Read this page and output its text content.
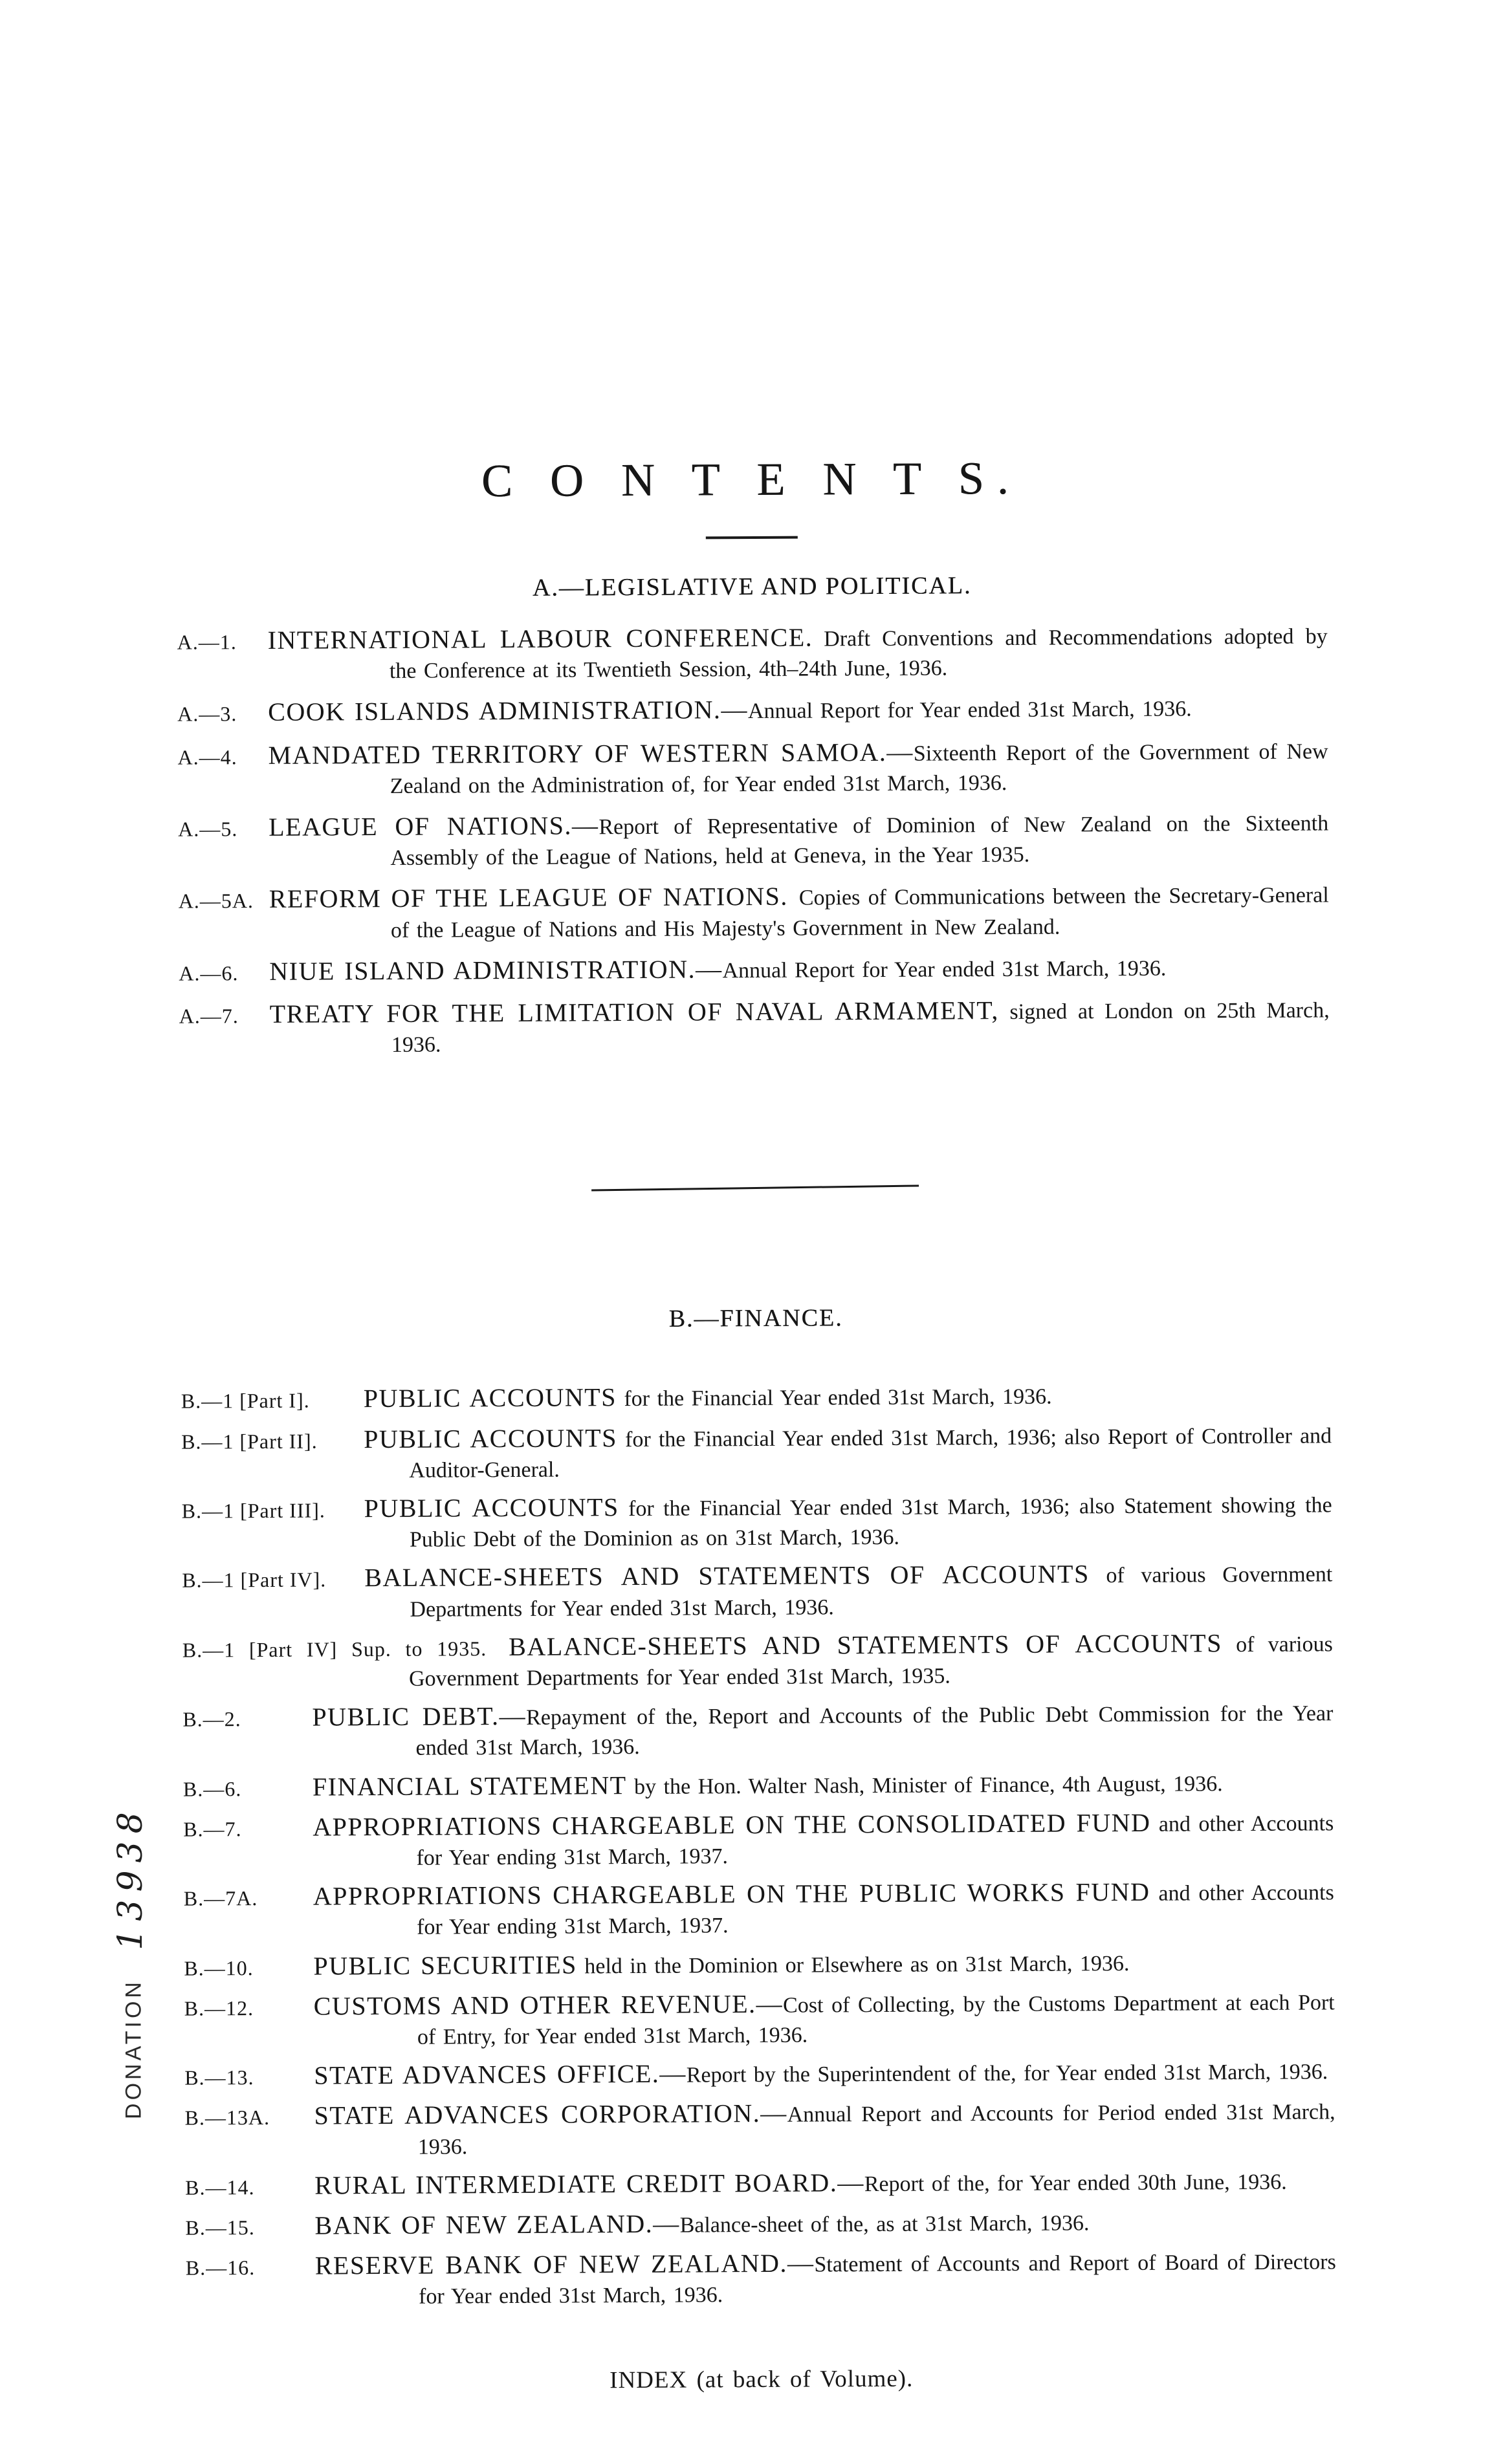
C O N T E N T S.
A.—LEGISLATIVE AND POLITICAL.
A.—1.	INTERNATIONAL LABOUR CONFERENCE. Draft Conventions and Recommendations adopted by the Conference at its Twentieth Session, 4th–24th June, 1936.
A.—3.	COOK ISLANDS ADMINISTRATION.—Annual Report for Year ended 31st March, 1936.
A.—4.	MANDATED TERRITORY OF WESTERN SAMOA.—Sixteenth Report of the Government of New Zealand on the Administration of, for Year ended 31st March, 1936.
A.—5.	LEAGUE OF NATIONS.—Report of Representative of Dominion of New Zealand on the Sixteenth Assembly of the League of Nations, held at Geneva, in the Year 1935.
A.—5A. REFORM OF THE LEAGUE OF NATIONS. Copies of Communications between the Secretary-General of the League of Nations and His Majesty's Government in New Zealand.
A.—6.	NIUE ISLAND ADMINISTRATION.—Annual Report for Year ended 31st March, 1936.
A.—7.	TREATY FOR THE LIMITATION OF NAVAL ARMAMENT, signed at London on 25th March, 1936.
B.—FINANCE.
B.—1 [Part I].	PUBLIC ACCOUNTS for the Financial Year ended 31st March, 1936.
B.—1 [Part II].	PUBLIC ACCOUNTS for the Financial Year ended 31st March, 1936; also Report of Controller and Auditor-General.
B.—1 [Part III].	PUBLIC ACCOUNTS for the Financial Year ended 31st March, 1936; also Statement showing the Public Debt of the Dominion as on 31st March, 1936.
B.—1 [Part IV].	BALANCE-SHEETS AND STATEMENTS OF ACCOUNTS of various Government Departments for Year ended 31st March, 1936.
B.—1 [Part IV] Sup. to 1935. BALANCE-SHEETS AND STATEMENTS OF ACCOUNTS of various Government Departments for Year ended 31st March, 1935.
B.—2.	PUBLIC DEBT.—Repayment of the, Report and Accounts of the Public Debt Commission for the Year ended 31st March, 1936.
B.—6.	FINANCIAL STATEMENT by the Hon. Walter Nash, Minister of Finance, 4th August, 1936.
B.—7.	APPROPRIATIONS CHARGEABLE ON THE CONSOLIDATED FUND and other Accounts for Year ending 31st March, 1937.
B.—7A.	APPROPRIATIONS CHARGEABLE ON THE PUBLIC WORKS FUND and other Accounts for Year ending 31st March, 1937.
B.—10.	PUBLIC SECURITIES held in the Dominion or Elsewhere as on 31st March, 1936.
B.—12.	CUSTOMS AND OTHER REVENUE.—Cost of Collecting, by the Customs Department at each Port of Entry, for Year ended 31st March, 1936.
B.—13.	STATE ADVANCES OFFICE.—Report by the Superintendent of the, for Year ended 31st March, 1936.
B.—13A.	STATE ADVANCES CORPORATION.—Annual Report and Accounts for Period ended 31st March, 1936.
B.—14.	RURAL INTERMEDIATE CREDIT BOARD.—Report of the, for Year ended 30th June, 1936.
B.—15.	BANK OF NEW ZEALAND.—Balance-sheet of the, as at 31st March, 1936.
B.—16.	RESERVE BANK OF NEW ZEALAND.—Statement of Accounts and Report of Board of Directors for Year ended 31st March, 1936.

INDEX (at back of Volume).

13938
DONATION
